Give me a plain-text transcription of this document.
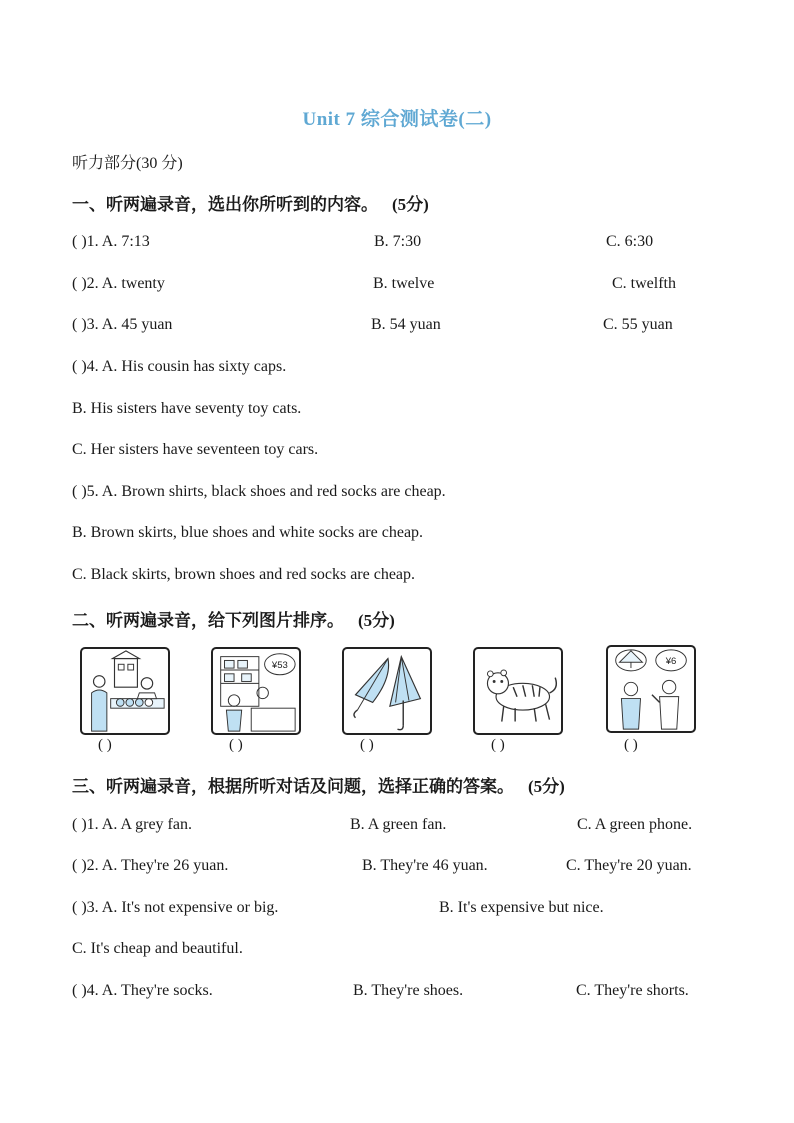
Unit 7 综合测试卷(二)
听力部分(30 分)
一、听两遍录音，选出你所听到的内容。 (5分)
( )1. A. 7:13	B. 7:30	C. 6:30
( )2. A. twenty	B. twelve	C. twelfth
( )3. A. 45 yuan	B. 54 yuan	C. 55 yuan
( )4. A. His cousin has sixty caps.
B. His sisters have seventy toy cats.
C. Her sisters have seventeen toy cars.
( )5. A. Brown shirts, black shoes and red socks are cheap.
B. Brown skirts, blue shoes and white socks are cheap.
C. Black skirts, brown shoes and red socks are cheap.
二、听两遍录音，给下列图片排序。 (5分)
( )
¥53
( )	( )	( )
¥6
( )
三、听两遍录音，根据所听对话及问题，选择正确的答案。 (5分)
( )1. A. A grey fan.	B. A green fan.	C. A green phone.
( )2. A. They're 26 yuan.	B. They're 46 yuan.	C. They're 20 yuan.
( )3. A. It's not expensive or big.	B. It's expensive but nice.
C. It's cheap and beautiful.
( )4. A. They're socks.	B. They're shoes.	C. They're shorts.
